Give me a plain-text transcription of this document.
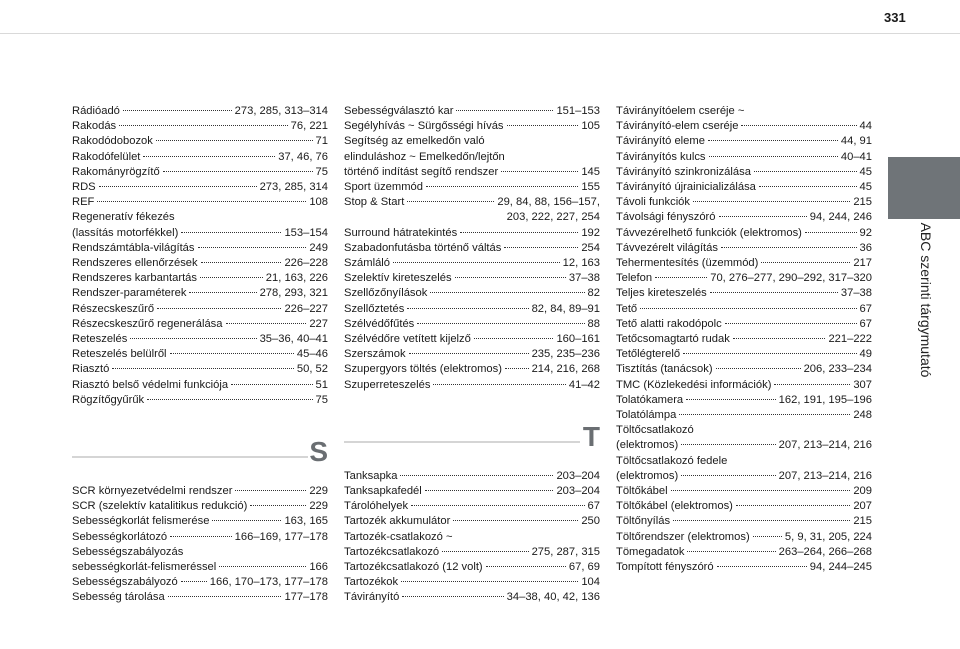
331
ABC szerinti tárgymutató
Rádióadó	273, 285, 313–314
Rakodás	76, 221
Rakodódobozok	71
Rakodófelület	37, 46, 76
Rakományrögzítő	75
RDS	273, 285, 314
REF	108
Regeneratív fékezés
(lassítás motorfékkel)	153–154
Rendszámtábla-világítás	249
Rendszeres ellenőrzések	226–228
Rendszeres karbantartás	21, 163, 226
Rendszer-paraméterek	278, 293, 321
Részecskeszűrő	226–227
Részecskeszűrő regenerálása	227
Reteszelés	35–36, 40–41
Reteszelés belülről	45–46
Riasztó	50, 52
Riasztó belső védelmi funkciója	51
Rögzítőgyűrűk	75
S
SCR környezetvédelmi rendszer	229
SCR (szelektív katalitikus redukció)	229
Sebességkorlát felismerése	163, 165
Sebességkorlátozó	166–169, 177–178
Sebességszabályozás
sebességkorlát-felismeréssel	166
Sebességszabályozó	166, 170–173, 177–178
Sebesség tárolása	177–178
Sebességválasztó kar	151–153
Segélyhívás ~ Sürgősségi hívás	105
Segítség az emelkedőn való
elinduláshoz ~ Emelkedőn/lejtőn
történő indítást segítő rendszer	145
Sport üzemmód	155
Stop & Start	29, 84, 88, 156–157,
203, 222, 227, 254
Surround hátratekintés	192
Szabadonfutásba történő váltás	254
Számláló	12, 163
Szelektív kireteszelés	37–38
Szellőzőnyílások	82
Szellőztetés	82, 84, 89–91
Szélvédőfűtés	88
Szélvédőre vetített kijelző	160–161
Szerszámok	235, 235–236
Szupergyors töltés (elektromos)	214, 216, 268
Szuperreteszelés	41–42
T
Tanksapka	203–204
Tanksapkafedél	203–204
Tárolóhelyek	67
Tartozék akkumulátor	250
Tartozék-csatlakozó ~
Tartozékcsatlakozó	275, 287, 315
Tartozékcsatlakozó (12 volt)	67, 69
Tartozékok	104
Távirányító	34–38, 40, 42, 136
Távirányítóelem cseréje ~
Távirányító-elem cseréje	44
Távirányító eleme	44, 91
Távirányítós kulcs	40–41
Távirányító szinkronizálása	45
Távirányító újrainicializálása	45
Távoli funkciók	215
Távolsági fényszóró	94, 244, 246
Távvezérelhető funkciók (elektromos)	92
Távvezérelt világítás	36
Tehermentesítés (üzemmód)	217
Telefon	70, 276–277, 290–292, 317–320
Teljes kireteszelés	37–38
Tető	67
Tető alatti rakodópolc	67
Tetőcsomagtartó rudak	221–222
Tetőlégterelő	49
Tisztítás (tanácsok)	206, 233–234
TMC (Közlekedési információk)	307
Tolatókamera	162, 191, 195–196
Tolatólámpa	248
Töltőcsatlakozó
(elektromos)	207, 213–214, 216
Töltőcsatlakozó fedele
(elektromos)	207, 213–214, 216
Töltőkábel	209
Töltőkábel (elektromos)	207
Töltőnyílás	215
Töltőrendszer (elektromos)	5, 9, 31, 205, 224
Tömegadatok	263–264, 266–268
Tompított fényszóró	94, 244–245
